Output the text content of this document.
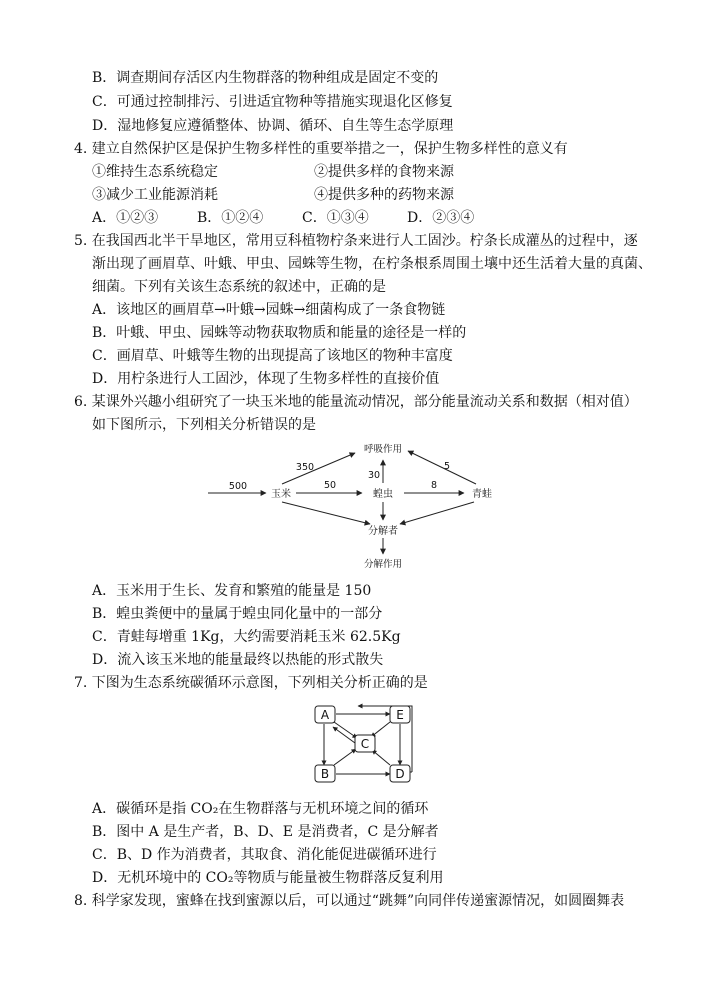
B．调查期间存活区内生物群落的物种组成是固定不变的
C．可通过控制排污、引进适宜物种等措施实现退化区修复
D．湿地修复应遵循整体、协调、循环、自生等生态学原理
4. 建立自然保护区是保护生物多样性的重要举措之一，保护生物多样性的意义有
①维持生态系统稳定	②提供多样的食物来源
③减少工业能源消耗	④提供多种的药物来源
A．①②③	B．①②④	C．①③④	D．②③④
5. 在我国西北半干旱地区，常用豆科植物柠条来进行人工固沙。柠条长成灌丛的过程中，逐
渐出现了画眉草、叶蛾、甲虫、园蛛等生物，在柠条根系周围土壤中还生活着大量的真菌、
细菌。下列有关该生态系统的叙述中，正确的是
A．该地区的画眉草→叶蛾→园蛛→细菌构成了一条食物链
B．叶蛾、甲虫、园蛛等动物获取物质和能量的途径是一样的
C．画眉草、叶蛾等生物的出现提高了该地区的物种丰富度
D．用柠条进行人工固沙，体现了生物多样性的直接价值
6. 某课外兴趣小组研究了一块玉米地的能量流动情况，部分能量流动关系和数据（相对值）
如下图所示，下列相关分析错误的是
呼吸作用
玉米	蝗虫	青蛙
分解者
分解作用
500
350
50
30
8
5
A．玉米用于生长、发育和繁殖的能量是 150
B．蝗虫粪便中的量属于蝗虫同化量中的一部分
C．青蛙每增重 1Kg，大约需要消耗玉米 62.5Kg
D．流入该玉米地的能量最终以热能的形式散失
7. 下图为生态系统碳循环示意图，下列相关分析正确的是
A	E
C
B	D
A．碳循环是指 CO₂在生物群落与无机环境之间的循环
B．图中 A 是生产者，B、D、E 是消费者，C 是分解者
C．B、D 作为消费者，其取食、消化能促进碳循环进行
D．无机环境中的 CO₂等物质与能量被生物群落反复利用
8. 科学家发现，蜜蜂在找到蜜源以后，可以通过“跳舞”向同伴传递蜜源情况，如圆圈舞表
